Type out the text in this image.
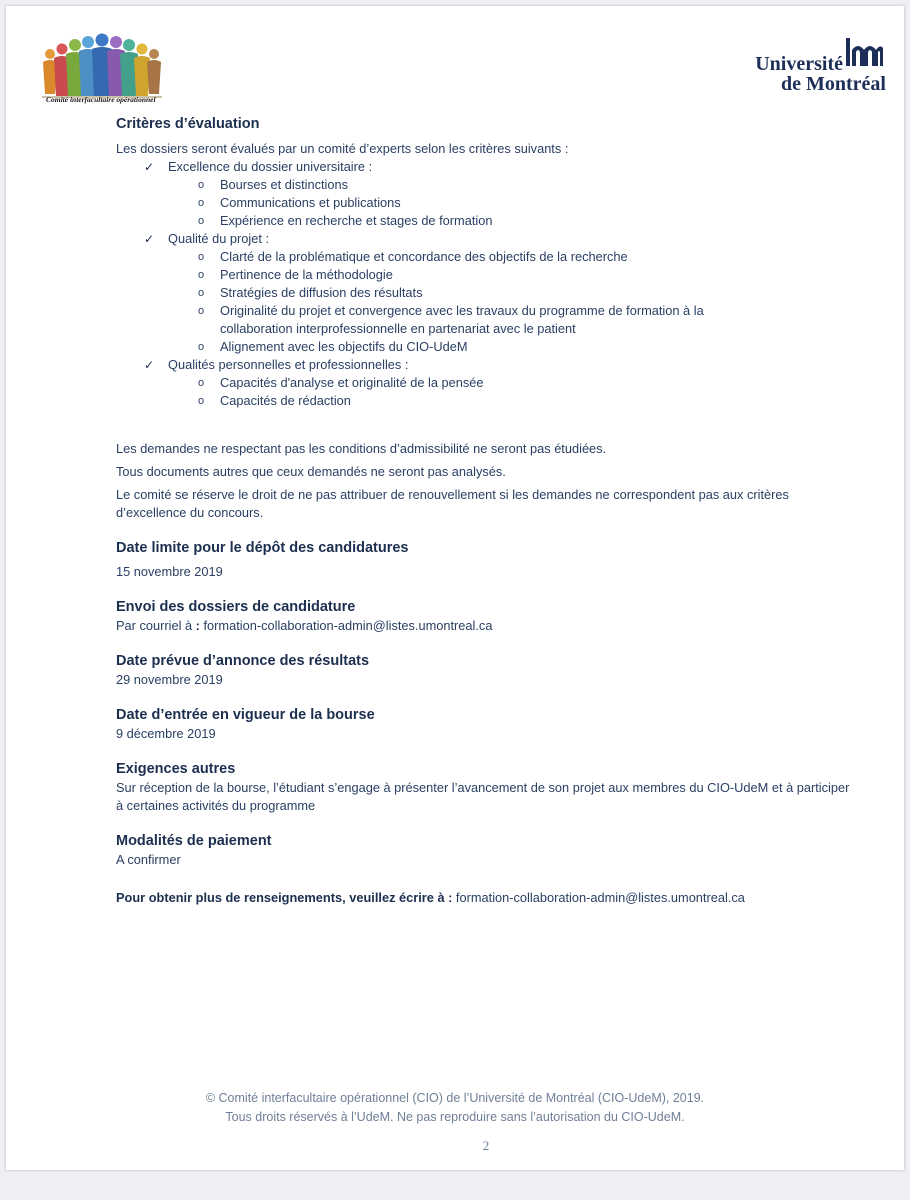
Comité interfacultaire opérationnel
Université
de Montréal
Critères d’évaluation

Les dossiers seront évalués par un comité d’experts selon les critères suivants :

✓ Excellence du dossier universitaire :
o Bourses et distinctions
o Communications et publications
o Expérience en recherche et stages de formation
✓ Qualité du projet :
o Clarté de la problématique et concordance des objectifs de la recherche
o Pertinence de la méthodologie
o Stratégies de diffusion des résultats
o Originalité du projet et convergence avec les travaux du programme de formation à la collaboration interprofessionnelle en partenariat avec le patient
o Alignement avec les objectifs du CIO-UdeM
✓ Qualités personnelles et professionnelles :
o Capacités d'analyse et originalité de la pensée
o Capacités de rédaction

Les demandes ne respectant pas les conditions d’admissibilité ne seront pas étudiées.

Tous documents autres que ceux demandés ne seront pas analysés.

Le comité se réserve le droit de ne pas attribuer de renouvellement si les demandes ne correspondent pas aux critères d’excellence du concours.

Date limite pour le dépôt des candidatures

15 novembre 2019

Envoi des dossiers de candidature

Par courriel à : formation-collaboration-admin@listes.umontreal.ca

Date prévue d’annonce des résultats

29 novembre 2019

Date d’entrée en vigueur de la bourse

9 décembre 2019

Exigences autres

Sur réception de la bourse, l’étudiant s’engage à présenter l’avancement de son projet aux membres du CIO-UdeM et à participer à certaines activités du programme

Modalités de paiement

A confirmer

Pour obtenir plus de renseignements, veuillez écrire à : formation-collaboration-admin@listes.umontreal.ca

© Comité interfacultaire opérationnel (CIO) de l’Université de Montréal (CIO-UdeM), 2019.
Tous droits réservés à l’UdeM. Ne pas reproduire sans l’autorisation du CIO-UdeM.
2
